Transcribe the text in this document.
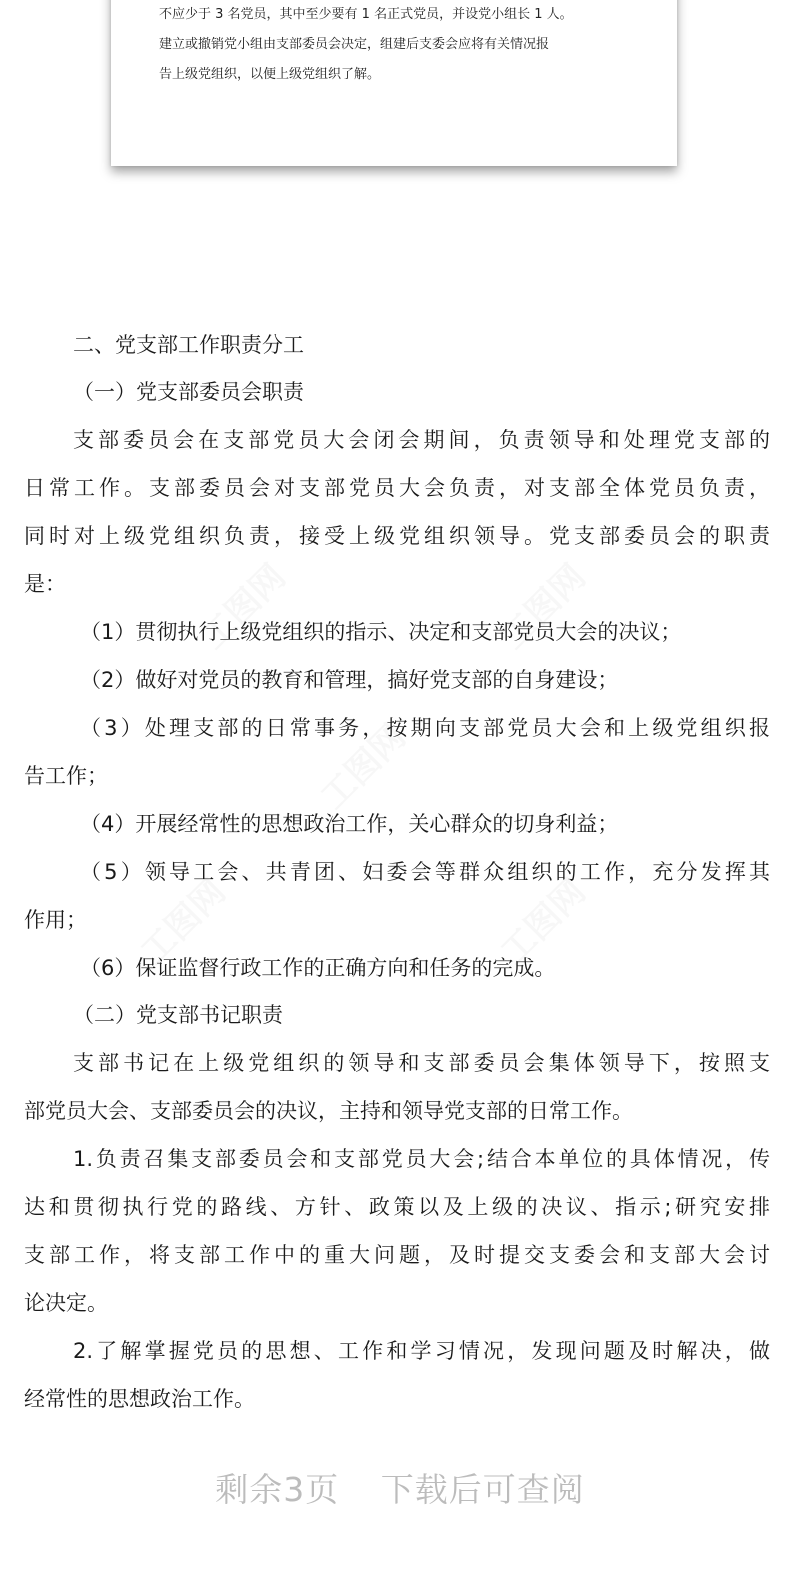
不应少于 3 名党员，其中至少要有 1 名正式党员，并设党小组长 1 人。
建立或撤销党小组由支部委员会决定，组建后支委会应将有关情况报
告上级党组织，以便上级党组织了解。
工图网	工图网
工图网
工图网	工图网
二、党支部工作职责分工
（一）党支部委员会职责
支部委员会在支部党员大会闭会期间，负责领导和处理党支部的
日常工作。支部委员会对支部党员大会负责，对支部全体党员负责，
同时对上级党组织负责，接受上级党组织领导。党支部委员会的职责
是：
（1）贯彻执行上级党组织的指示、决定和支部党员大会的决议；
（2）做好对党员的教育和管理，搞好党支部的自身建设；
（3）处理支部的日常事务，按期向支部党员大会和上级党组织报
告工作；
（4）开展经常性的思想政治工作，关心群众的切身利益；
（5）领导工会、共青团、妇委会等群众组织的工作，充分发挥其
作用；
（6）保证监督行政工作的正确方向和任务的完成。
（二）党支部书记职责
支部书记在上级党组织的领导和支部委员会集体领导下，按照支
部党员大会、支部委员会的决议，主持和领导党支部的日常工作。
1.负责召集支部委员会和支部党员大会;结合本单位的具体情况，传
达和贯彻执行党的路线、方针、政策以及上级的决议、指示;研究安排
支部工作，将支部工作中的重大问题，及时提交支委会和支部大会讨
论决定。
2.了解掌握党员的思想、工作和学习情况，发现问题及时解决，做
经常性的思想政治工作。
剩余3页 下载后可查阅
